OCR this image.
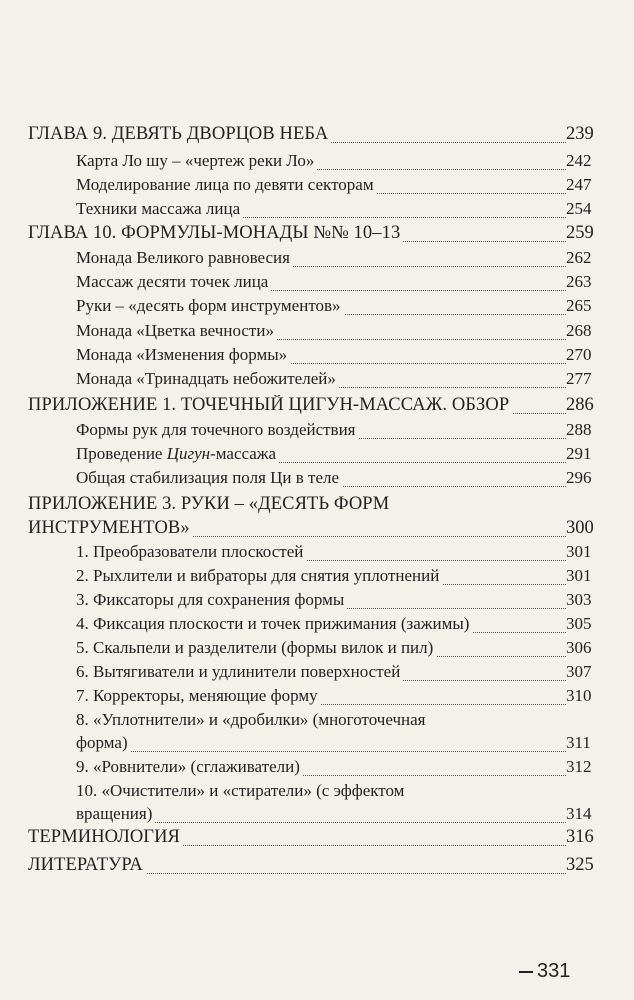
ГЛАВА 9. ДЕВЯТЬ ДВОРЦОВ НЕБА	239
Карта Ло шу – «чертеж реки Ло»	242
Моделирование лица по девяти секторам	247
Техники массажа лица	254
ГЛАВА 10. ФОРМУЛЫ-МОНАДЫ №№ 10–13	259
Монада Великого равновесия	262
Массаж десяти точек лица	263
Руки – «десять форм инструментов»	265
Монада «Цветка вечности»	268
Монада «Изменения формы»	270
Монада «Тринадцать небожителей»	277
ПРИЛОЖЕНИЕ 1. ТОЧЕЧНЫЙ ЦИГУН-МАССАЖ. ОБЗОР	286
Формы рук для точечного воздействия	288
Проведение Цигун-массажа	291
Общая стабилизация поля Ци в теле	296
ПРИЛОЖЕНИЕ 3. РУКИ – «ДЕСЯТЬ ФОРМ
ИНСТРУМЕНТОВ»	300
1. Преобразователи плоскостей	301
2. Рыхлители и вибраторы для снятия уплотнений	301
3. Фиксаторы для сохранения формы	303
4. Фиксация плоскости и точек прижимания (зажимы)	305
5. Скальпели и разделители (формы вилок и пил)	306
6. Вытягиватели и удлинители поверхностей	307
7. Корректоры, меняющие форму	310
8. «Уплотнители» и «дробилки» (многоточечная
форма)	311
9. «Ровнители» (сглаживатели)	312
10. «Очистители» и «стиратели» (с эффектом
вращения)	314
ТЕРМИНОЛОГИЯ	316
ЛИТЕРАТУРА	325
331
